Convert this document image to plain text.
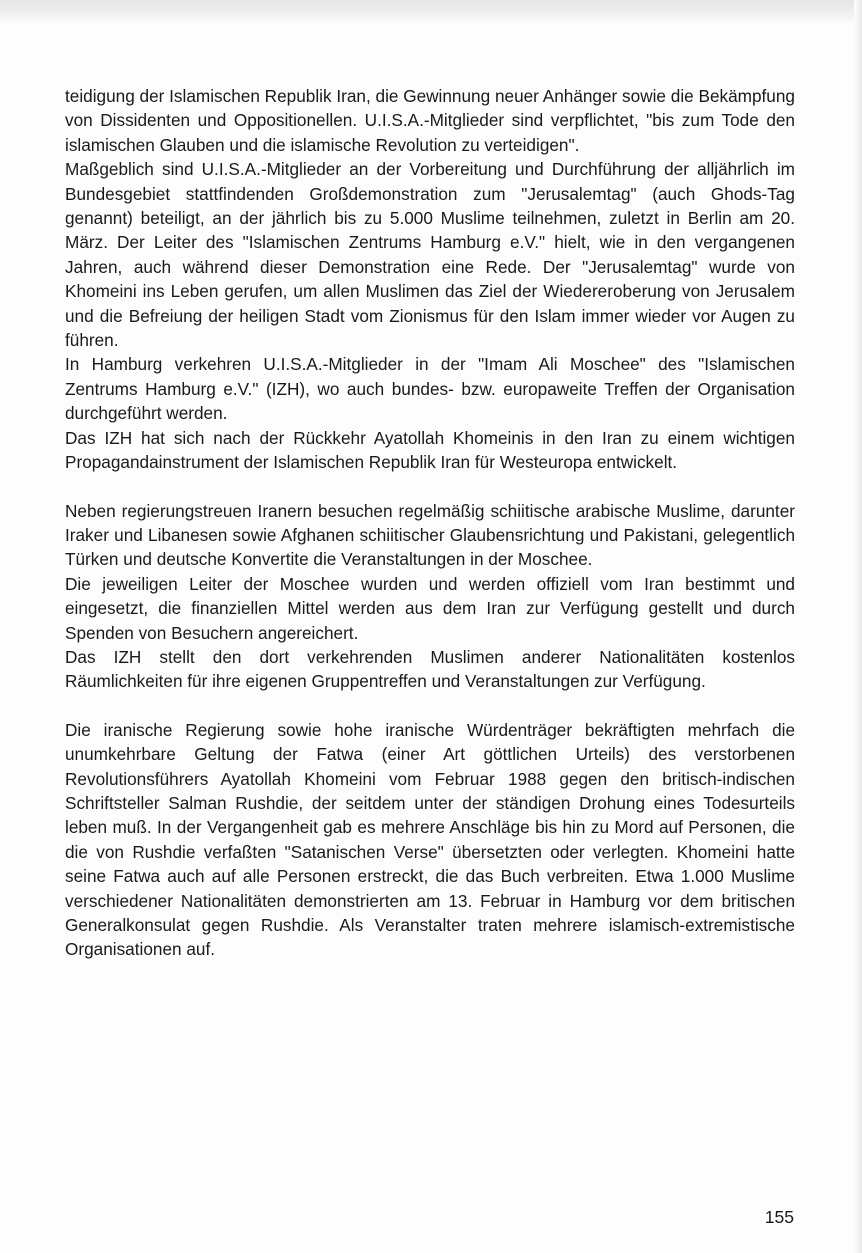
teidigung der Islamischen Republik Iran, die Gewinnung neuer Anhänger sowie die Bekämpfung von Dissidenten und Oppositionellen. U.I.S.A.-Mitglieder sind verpflichtet, "bis zum Tode den islamischen Glauben und die islamische Revolution zu verteidigen".

Maßgeblich sind U.I.S.A.-Mitglieder an der Vorbereitung und Durchführung der alljährlich im Bundesgebiet stattfindenden Großdemonstration zum "Jerusalemtag" (auch Ghods-Tag genannt) beteiligt, an der jährlich bis zu 5.000 Muslime teilnehmen, zuletzt in Berlin am 20. März. Der Leiter des "Islamischen Zentrums Hamburg e.V." hielt, wie in den vergangenen Jahren, auch während dieser Demonstration eine Rede. Der "Jerusalemtag" wurde von Khomeini ins Leben gerufen, um allen Muslimen das Ziel der Wiedereroberung von Jerusalem und die Befreiung der heiligen Stadt vom Zionismus für den Islam immer wieder vor Augen zu führen.

In Hamburg verkehren U.I.S.A.-Mitglieder in der "Imam Ali Moschee" des "Islamischen Zentrums Hamburg e.V." (IZH), wo auch bundes- bzw. europaweite Treffen der Organisation durchgeführt werden.

Das IZH hat sich nach der Rückkehr Ayatollah Khomeinis in den Iran zu einem wichtigen Propagandainstrument der Islamischen Republik Iran für Westeuropa entwickelt.

Neben regierungstreuen Iranern besuchen regelmäßig schiitische arabische Muslime, darunter Iraker und Libanesen sowie Afghanen schiitischer Glaubensrichtung und Pakistani, gelegentlich Türken und deutsche Konvertite die Veranstaltungen in der Moschee.

Die jeweiligen Leiter der Moschee wurden und werden offiziell vom Iran bestimmt und eingesetzt, die finanziellen Mittel werden aus dem Iran zur Verfügung gestellt und durch Spenden von Besuchern angereichert.

Das IZH stellt den dort verkehrenden Muslimen anderer Nationalitäten kostenlos Räumlichkeiten für ihre eigenen Gruppentreffen und Veranstaltungen zur Verfügung.

Die iranische Regierung sowie hohe iranische Würdenträger bekräftigten mehrfach die unumkehrbare Geltung der Fatwa (einer Art göttlichen Urteils) des verstorbenen Revolutionsführers Ayatollah Khomeini vom Februar 1988 gegen den britisch-indischen Schriftsteller Salman Rushdie, der seitdem unter der ständigen Drohung eines Todesurteils leben muß. In der Vergangenheit gab es mehrere Anschläge bis hin zu Mord auf Personen, die die von Rushdie verfaßten "Satanischen Verse" übersetzten oder verlegten. Khomeini hatte seine Fatwa auch auf alle Personen erstreckt, die das Buch verbreiten. Etwa 1.000 Muslime verschiedener Nationalitäten demonstrierten am 13. Februar in Hamburg vor dem britischen Generalkonsulat gegen Rushdie. Als Veranstalter traten mehrere islamisch-extremistische Organisationen auf.

155
